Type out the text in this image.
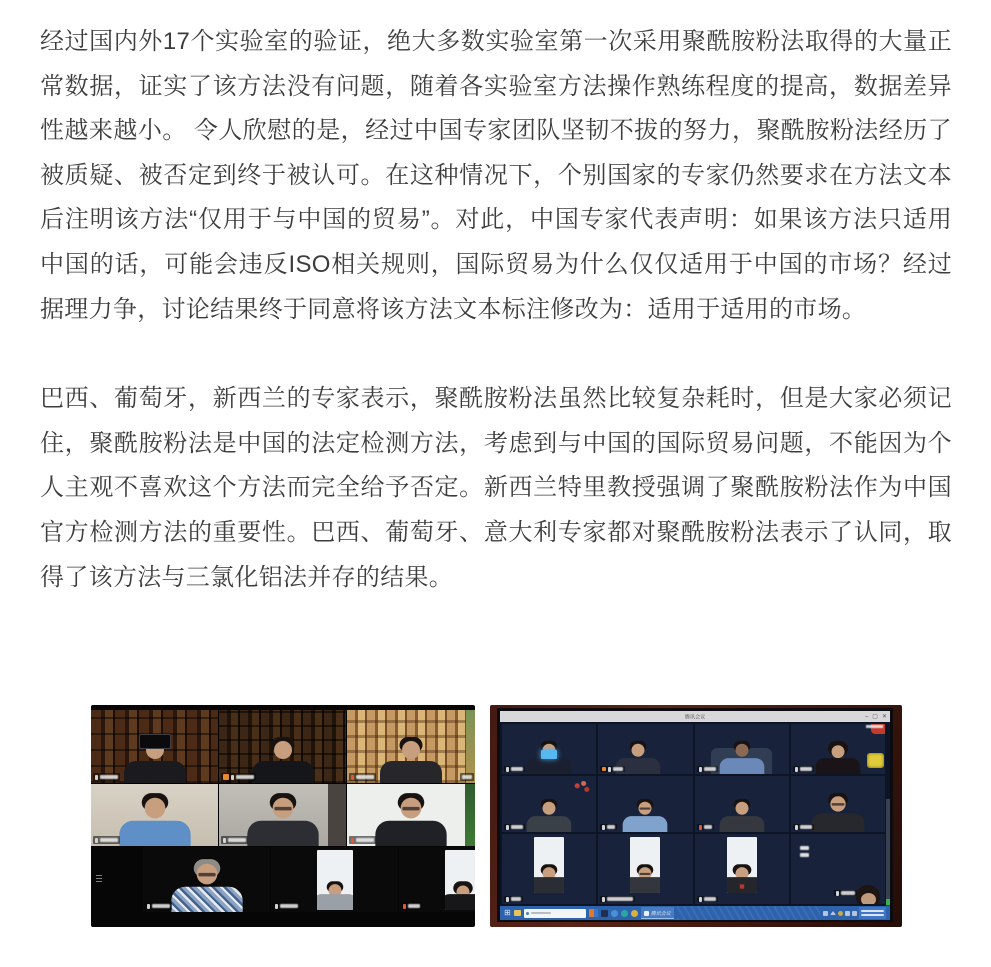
经过国内外17个实验室的验证，绝大多数实验室第一次采用聚酰胺粉法取得的大量正常数据，证实了该方法没有问题，随着各实验室方法操作熟练程度的提高，数据差异性越来越小。 令人欣慰的是，经过中国专家团队坚韧不拔的努力，聚酰胺粉法经历了被质疑、被否定到终于被认可。在这种情况下，个别国家的专家仍然要求在方法文本后注明该方法“仅用于与中国的贸易”。对此，中国专家代表声明：如果该方法只适用中国的话，可能会违反ISO相关规则，国际贸易为什么仅仅适用于中国的市场？经过据理力争，讨论结果终于同意将该方法文本标注修改为：适用于适用的市场。

巴西、葡萄牙，新西兰的专家表示，聚酰胺粉法虽然比较复杂耗时，但是大家必须记住，聚酰胺粉法是中国的法定检测方法，考虑到与中国的国际贸易问题，不能因为个人主观不喜欢这个方法而完全给予否定。新西兰特里教授强调了聚酰胺粉法作为中国官方检测方法的重要性。巴西、葡萄牙、意大利专家都对聚酰胺粉法表示了认同，取得了该方法与三氯化铝法并存的结果。

腾讯会议	– ▢ ✕
⊞	腾讯会议
